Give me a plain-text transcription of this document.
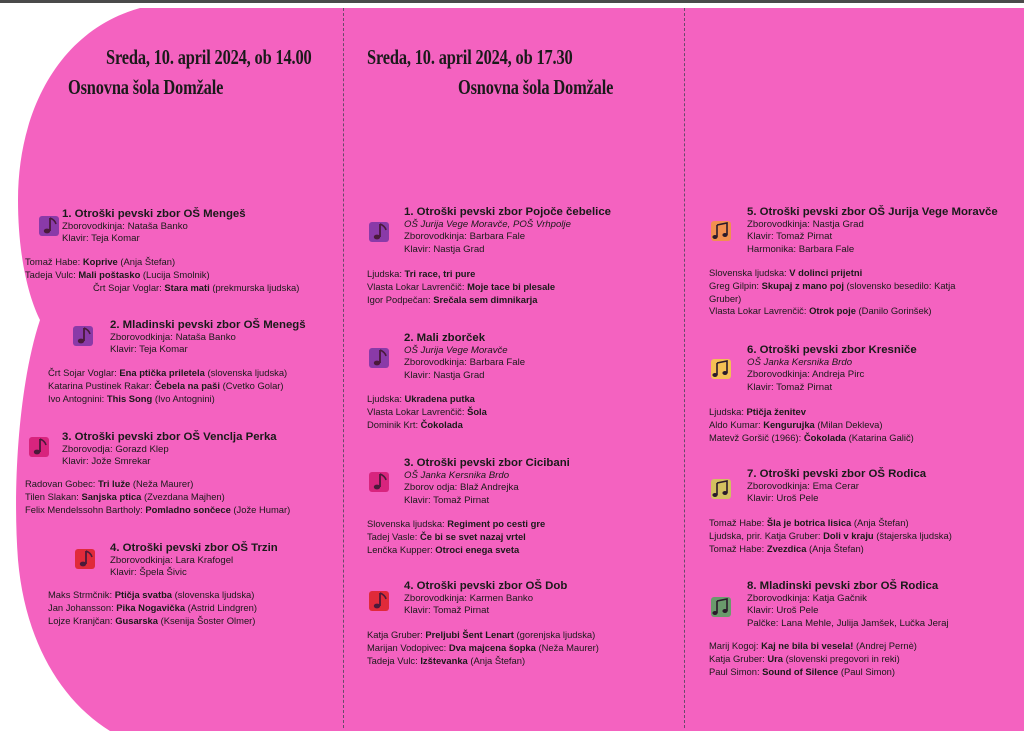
Sreda, 10. april 2024, ob 14.00
Osnovna šola Domžale
Sreda, 10. april 2024, ob 17.30
Osnovna šola Domžale
1. Otroški pevski zbor OŠ Mengeš
Zborovodkinja: Nataša Banko
Klavir: Teja Komar
Tomaž Habe: Koprive (Anja Štefan)
Tadeja Vulc: Mali poštasko (Lucija Smolnik)
Črt Sojar Voglar: Stara mati (prekmurska ljudska)
2. Mladinski pevski zbor OŠ Menegš
Zborovodkinja: Nataša Banko
Klavir: Teja Komar
Črt Sojar Voglar: Ena ptička priletela (slovenska ljudska)
Katarina Pustinek Rakar: Čebela na paši (Cvetko Golar)
Ivo Antognini: This Song (Ivo Antognini)
3. Otroški pevski zbor OŠ Venclja Perka
Zborovodja: Gorazd Klep
Klavir: Jože Smrekar
Radovan Gobec: Tri luže (Neža Maurer)
Tilen Slakan: Sanjska ptica (Zvezdana Majhen)
Felix Mendelssohn Bartholy: Pomladno sončece (Jože Humar)
4. Otroški pevski zbor OŠ Trzin
Zborovodkinja: Lara Krafogel
Klavir: Špela Šivic
Maks Strmčnik: Ptičja svatba (slovenska ljudska)
Jan Johansson: Pika Nogavička (Astrid Lindgren)
Lojze Kranjčan: Gusarska (Ksenija Šoster Olmer)
1. Otroški pevski zbor Pojoče čebelice
OŠ Jurija Vege Moravče, POŠ Vrhpolje
Zborovodkinja: Barbara Fale
Klavir: Nastja Grad
Ljudska: Tri race, tri pure
Vlasta Lokar Lavrenčič: Moje tace bi plesale
Igor Podpečan: Srečala sem dimnikarja
2. Mali zborček
OŠ Jurija Vege Moravče
Zborovodkinja: Barbara Fale
Klavir: Nastja Grad
Ljudska: Ukradena putka
Vlasta Lokar Lavrenčič: Šola
Dominik Krt: Čokolada
3. Otroški pevski zbor Cicibani
OŠ Janka Kersnika Brdo
Zborov odja: Blaž Andrejka
Klavir: Tomaž Pirnat
Slovenska ljudska: Regiment po cesti gre
Tadej Vasle: Če bi se svet nazaj vrtel
Lenčka Kupper: Otroci enega sveta
4. Otroški pevski zbor OŠ Dob
Zborovodkinja: Karmen Banko
Klavir: Tomaž Pirnat
Katja Gruber: Preljubi Šent Lenart (gorenjska ljudska)
Marijan Vodopivec: Dva majcena šopka (Neža Maurer)
Tadeja Vulc: Izštevanka (Anja Štefan)
5. Otroški pevski zbor OŠ Jurija Vege Moravče
Zborovodkinja: Nastja Grad
Klavir: Tomaž Pirnat
Harmonika: Barbara Fale
Slovenska ljudska: V dolinci prijetni
Greg Gilpin: Skupaj z mano poj (slovensko besedilo: Katja
Gruber)
Vlasta Lokar Lavrenčič: Otrok poje (Danilo Gorinšek)
6. Otroški pevski zbor Kresniče
OŠ Janka Kersnika Brdo
Zborovodkinja: Andreja Pirc
Klavir: Tomaž Pirnat
Ljudska: Ptičja ženitev
Aldo Kumar: Kengurujka (Milan Dekleva)
Matevž Goršič (1966): Čokolada (Katarina Galič)
7. Otroški pevski zbor OŠ Rodica
Zborovodkinja: Ema Cerar
Klavir: Uroš Pele
Tomaž Habe: Šla je botrica lisica (Anja Štefan)
Ljudska, prir. Katja Gruber: Doli v kraju (štajerska ljudska)
Tomaž Habe: Zvezdica (Anja Štefan)
8. Mladinski pevski zbor OŠ Rodica
Zborovodkinja: Katja Gačnik
Klavir: Uroš Pele
Palčke: Lana Mehle, Julija Jamšek, Lučka Jeraj
Marij Kogoj: Kaj ne bila bi vesela! (Andrej Pernè)
Katja Gruber: Ura (slovenski pregovori in reki)
Paul Simon: Sound of Silence (Paul Simon)
